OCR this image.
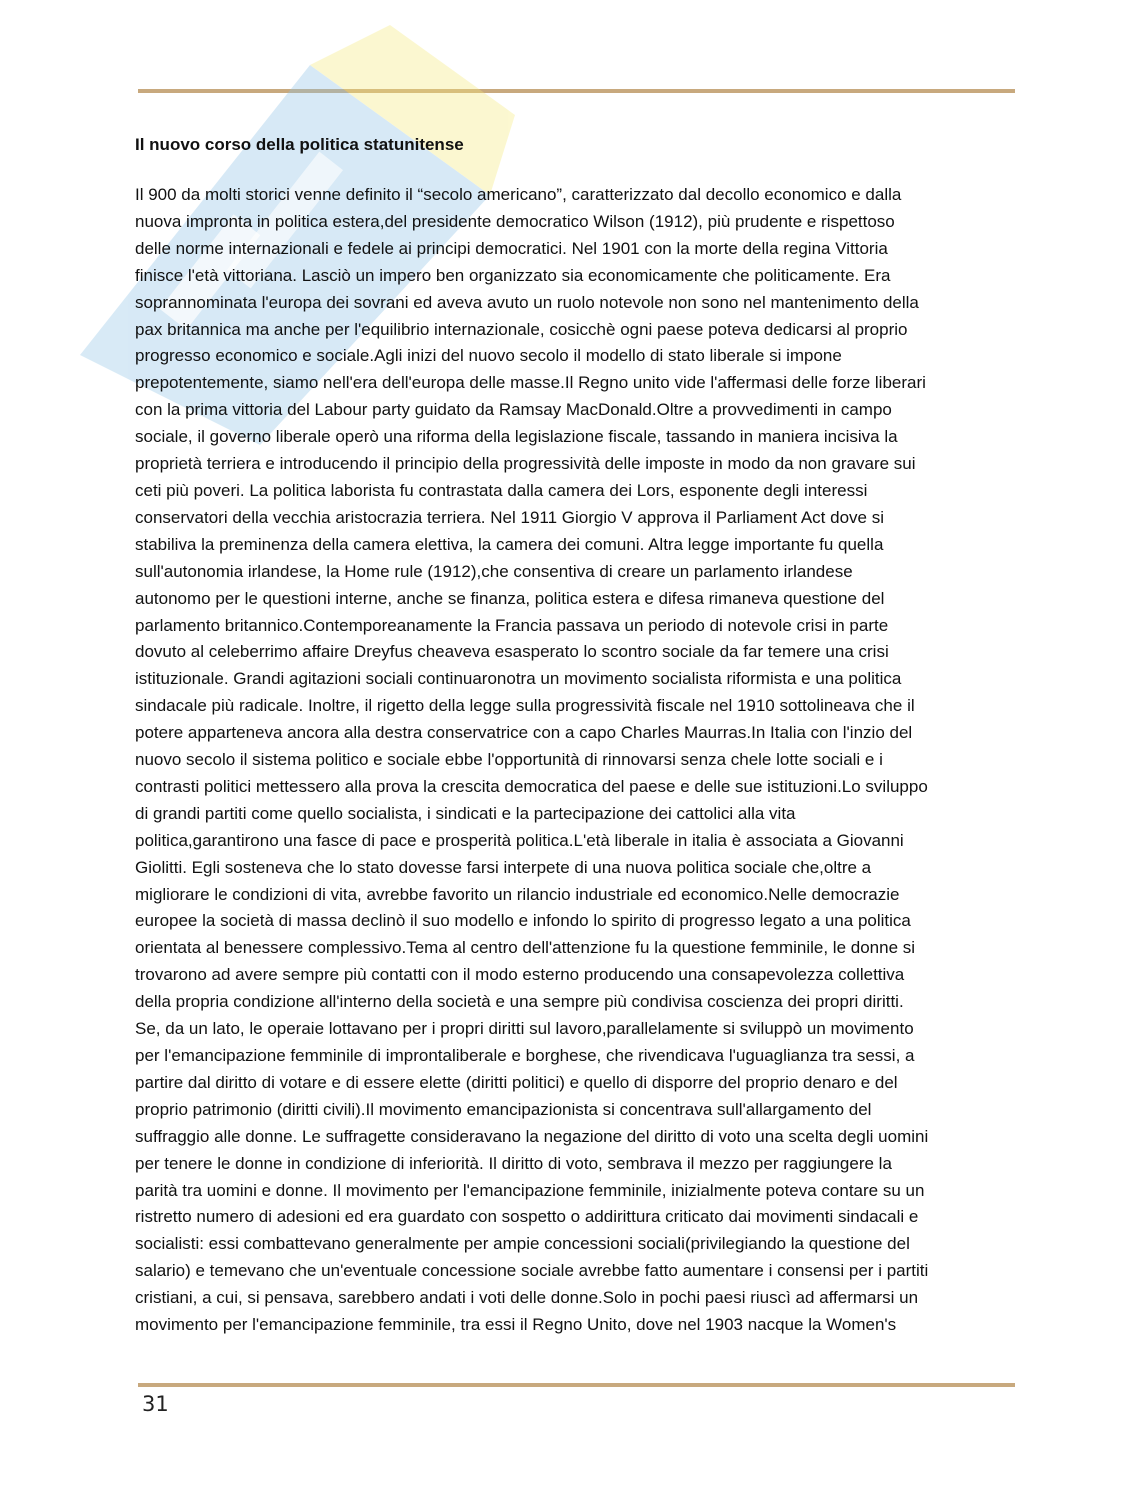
Il nuovo corso della politica statunitense

Il 900 da molti storici venne definito il “secolo americano”, caratterizzato dal decollo economico e dalla
nuova impronta in politica estera,del presidente democratico Wilson (1912), più prudente e rispettoso
delle norme internazionali e fedele ai principi democratici. Nel 1901 con la morte della regina Vittoria
finisce l'età vittoriana. Lasciò un impero ben organizzato sia economicamente che politicamente. Era
soprannominata l'europa dei sovrani ed aveva avuto un ruolo notevole non sono nel mantenimento della
pax britannica ma anche per l'equilibrio internazionale, cosicchè ogni paese poteva dedicarsi al proprio
progresso economico e sociale.Agli inizi del nuovo secolo il modello di stato liberale si impone
prepotentemente, siamo nell'era dell'europa delle masse.Il Regno unito vide l'affermasi delle forze liberari
con la prima vittoria del Labour party guidato da Ramsay MacDonald.Oltre a provvedimenti in campo
sociale, il governo liberale operò una riforma della legislazione fiscale, tassando in maniera incisiva la
proprietà terriera e introducendo il principio della progressività delle imposte in modo da non gravare sui
ceti più poveri. La politica laborista fu contrastata dalla camera dei Lors, esponente degli interessi
conservatori della vecchia aristocrazia terriera. Nel 1911 Giorgio V approva il Parliament Act dove si
stabiliva la preminenza della camera elettiva, la camera dei comuni. Altra legge importante fu quella
sull'autonomia irlandese, la Home rule (1912),che consentiva di creare un parlamento irlandese
autonomo per le questioni interne, anche se finanza, politica estera e difesa rimaneva questione del
parlamento britannico.Contemporeanamente la Francia passava un periodo di notevole crisi in parte
dovuto al celeberrimo affaire Dreyfus cheaveva esasperato lo scontro sociale da far temere una crisi
istituzionale. Grandi agitazioni sociali continuaronotra un movimento socialista riformista e una politica
sindacale più radicale. Inoltre, il rigetto della legge sulla progressività fiscale nel 1910 sottolineava che il
potere apparteneva ancora alla destra conservatrice con a capo Charles Maurras.In Italia con l'inzio del
nuovo secolo il sistema politico e sociale ebbe l'opportunità di rinnovarsi senza chele lotte sociali e i
contrasti politici mettessero alla prova la crescita democratica del paese e delle sue istituzioni.Lo sviluppo
di grandi partiti come quello socialista, i sindicati e la partecipazione dei cattolici alla vita
politica,garantirono una fasce di pace e prosperità politica.L'età liberale in italia è associata a Giovanni
Giolitti. Egli sosteneva che lo stato dovesse farsi interpete di una nuova politica sociale che,oltre a
migliorare le condizioni di vita, avrebbe favorito un rilancio industriale ed economico.Nelle democrazie
europee la società di massa declinò il suo modello e infondo lo spirito di progresso legato a una politica
orientata al benessere complessivo.Tema al centro dell'attenzione fu la questione femminile, le donne si
trovarono ad avere sempre più contatti con il modo esterno producendo una consapevolezza collettiva
della propria condizione all'interno della società e una sempre più condivisa coscienza dei propri diritti.
Se, da un lato, le operaie lottavano per i propri diritti sul lavoro,parallelamente si sviluppò un movimento
per l'emancipazione femminile di improntaliberale e borghese, che rivendicava l'uguaglianza tra sessi, a
partire dal diritto di votare e di essere elette (diritti politici) e quello di disporre del proprio denaro e del
proprio patrimonio (diritti civili).Il movimento emancipazionista si concentrava sull'allargamento del
suffraggio alle donne. Le suffragette consideravano la negazione del diritto di voto una scelta degli uomini
per tenere le donne in condizione di inferiorità. Il diritto di voto, sembrava il mezzo per raggiungere la
parità tra uomini e donne. Il movimento per l'emancipazione femminile, inizialmente poteva contare su un
ristretto numero di adesioni ed era guardato con sospetto o addirittura criticato dai movimenti sindacali e
socialisti: essi combattevano generalmente per ampie concessioni sociali(privilegiando la questione del
salario) e temevano che un'eventuale concessione sociale avrebbe fatto aumentare i consensi per i partiti
cristiani, a cui, si pensava, sarebbero andati i voti delle donne.Solo in pochi paesi riuscì ad affermarsi un
movimento per l'emancipazione femminile, tra essi il Regno Unito, dove nel 1903 nacque la Women's

31
